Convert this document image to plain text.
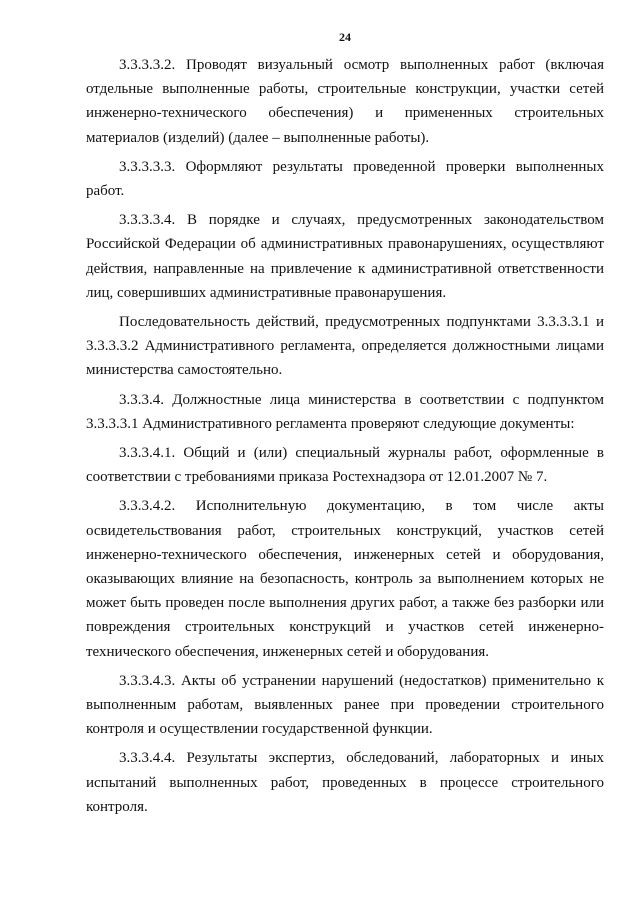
24

3.3.3.3.2. Проводят визуальный осмотр выполненных работ (включая отдельные выполненные работы, строительные конструкции, участки сетей инженерно-технического обеспечения) и примененных строительных материалов (изделий) (далее – выполненные работы).

3.3.3.3.3. Оформляют результаты проведенной проверки выполненных работ.

3.3.3.3.4. В порядке и случаях, предусмотренных законодательством Российской Федерации об административных правонарушениях, осуществляют действия, направленные на привлечение к административной ответственности лиц, совершивших административные правонарушения.

Последовательность действий, предусмотренных подпунктами 3.3.3.3.1 и 3.3.3.3.2 Административного регламента, определяется должностными лицами министерства самостоятельно.

3.3.3.4. Должностные лица министерства в соответствии с подпунктом 3.3.3.3.1 Административного регламента проверяют следующие документы:

3.3.3.4.1. Общий и (или) специальный журналы работ, оформленные в соответствии с требованиями приказа Ростехнадзора от 12.01.2007 № 7.

3.3.3.4.2. Исполнительную документацию, в том числе акты освидетельствования работ, строительных конструкций, участков сетей инженерно-технического обеспечения, инженерных сетей и оборудования, оказывающих влияние на безопасность, контроль за выполнением которых не может быть проведен после выполнения других работ, а также без разборки или повреждения строительных конструкций и участков сетей инженерно-технического обеспечения, инженерных сетей и оборудования.

3.3.3.4.3. Акты об устранении нарушений (недостатков) применительно к выполненным работам, выявленных ранее при проведении строительного контроля и осуществлении государственной функции.

3.3.3.4.4. Результаты экспертиз, обследований, лабораторных и иных испытаний выполненных работ, проведенных в процессе строительного контроля.
